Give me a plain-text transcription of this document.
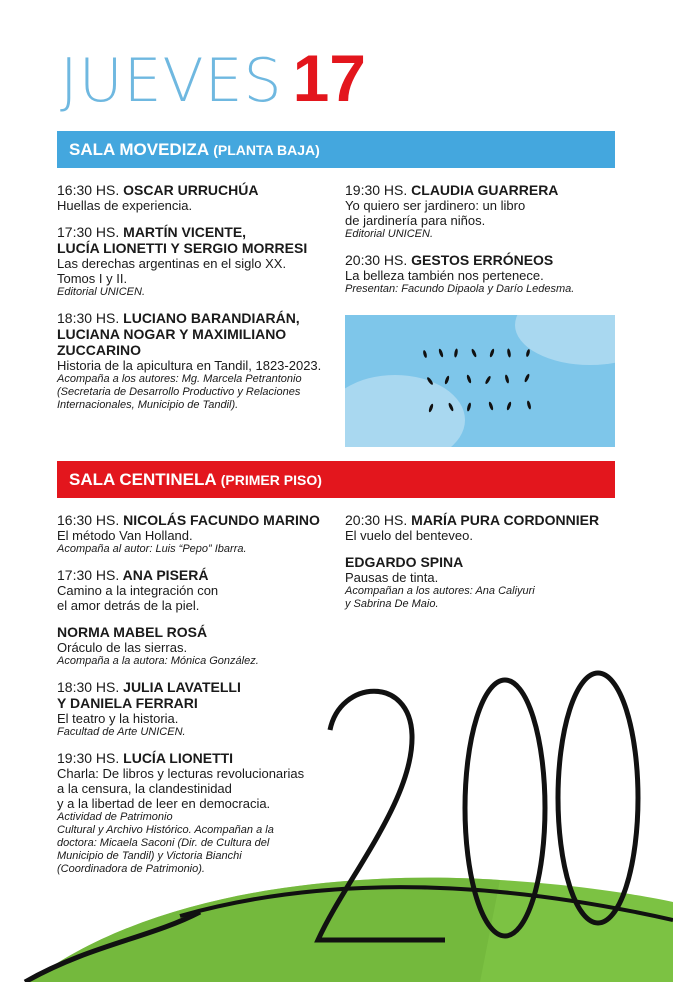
JUEVES 17
SALA MOVEDIZA (PLANTA BAJA)
16:30 HS. OSCAR URRUCHÚA
Huellas de experiencia.
17:30 HS. MARTÍN VICENTE,
LUCÍA LIONETTI Y SERGIO MORRESI
Las derechas argentinas en el siglo XX.
Tomos I y II.
Editorial UNICEN.
18:30 HS. LUCIANO BARANDIARÁN,
LUCIANA NOGAR Y MAXIMILIANO
ZUCCARINO
Historia de la apicultura en Tandil, 1823-2023.
Acompaña a los autores: Mg. Marcela Petrantonio
(Secretaria de Desarrollo Productivo y Relaciones
Internacionales, Municipio de Tandil).
19:30 HS. CLAUDIA GUARRERA
Yo quiero ser jardinero: un libro
de jardinería para niños.
Editorial UNICEN.
20:30 HS. GESTOS ERRÓNEOS
La belleza también nos pertenece.
Presentan: Facundo Dipaola y Darío Ledesma.
SALA CENTINELA (PRIMER PISO)
16:30 HS. NICOLÁS FACUNDO MARINO
El método Van Holland.
Acompaña al autor: Luis “Pepo” Ibarra.
17:30 HS. ANA PISERÁ
Camino a la integración con
el amor detrás de la piel.
NORMA MABEL ROSÁ
Oráculo de las sierras.
Acompaña a la autora: Mónica González.
18:30 HS. JULIA LAVATELLI
Y DANIELA FERRARI
El teatro y la historia.
Facultad de Arte UNICEN.
19:30 HS. LUCÍA LIONETTI
Charla: De libros y lecturas revolucionarias
a la censura, la clandestinidad
y a la libertad de leer en democracia.
Actividad de Patrimonio
Cultural y Archivo Histórico. Acompañan a la
doctora: Micaela Saconi (Dir. de Cultura del
Municipio de Tandil) y Victoria Bianchi
(Coordinadora de Patrimonio).
20:30 HS. MARÍA PURA CORDONNIER
El vuelo del benteveo.
EDGARDO SPINA
Pausas de tinta.
Acompañan a los autores: Ana Caliyuri
y Sabrina De Maio.
